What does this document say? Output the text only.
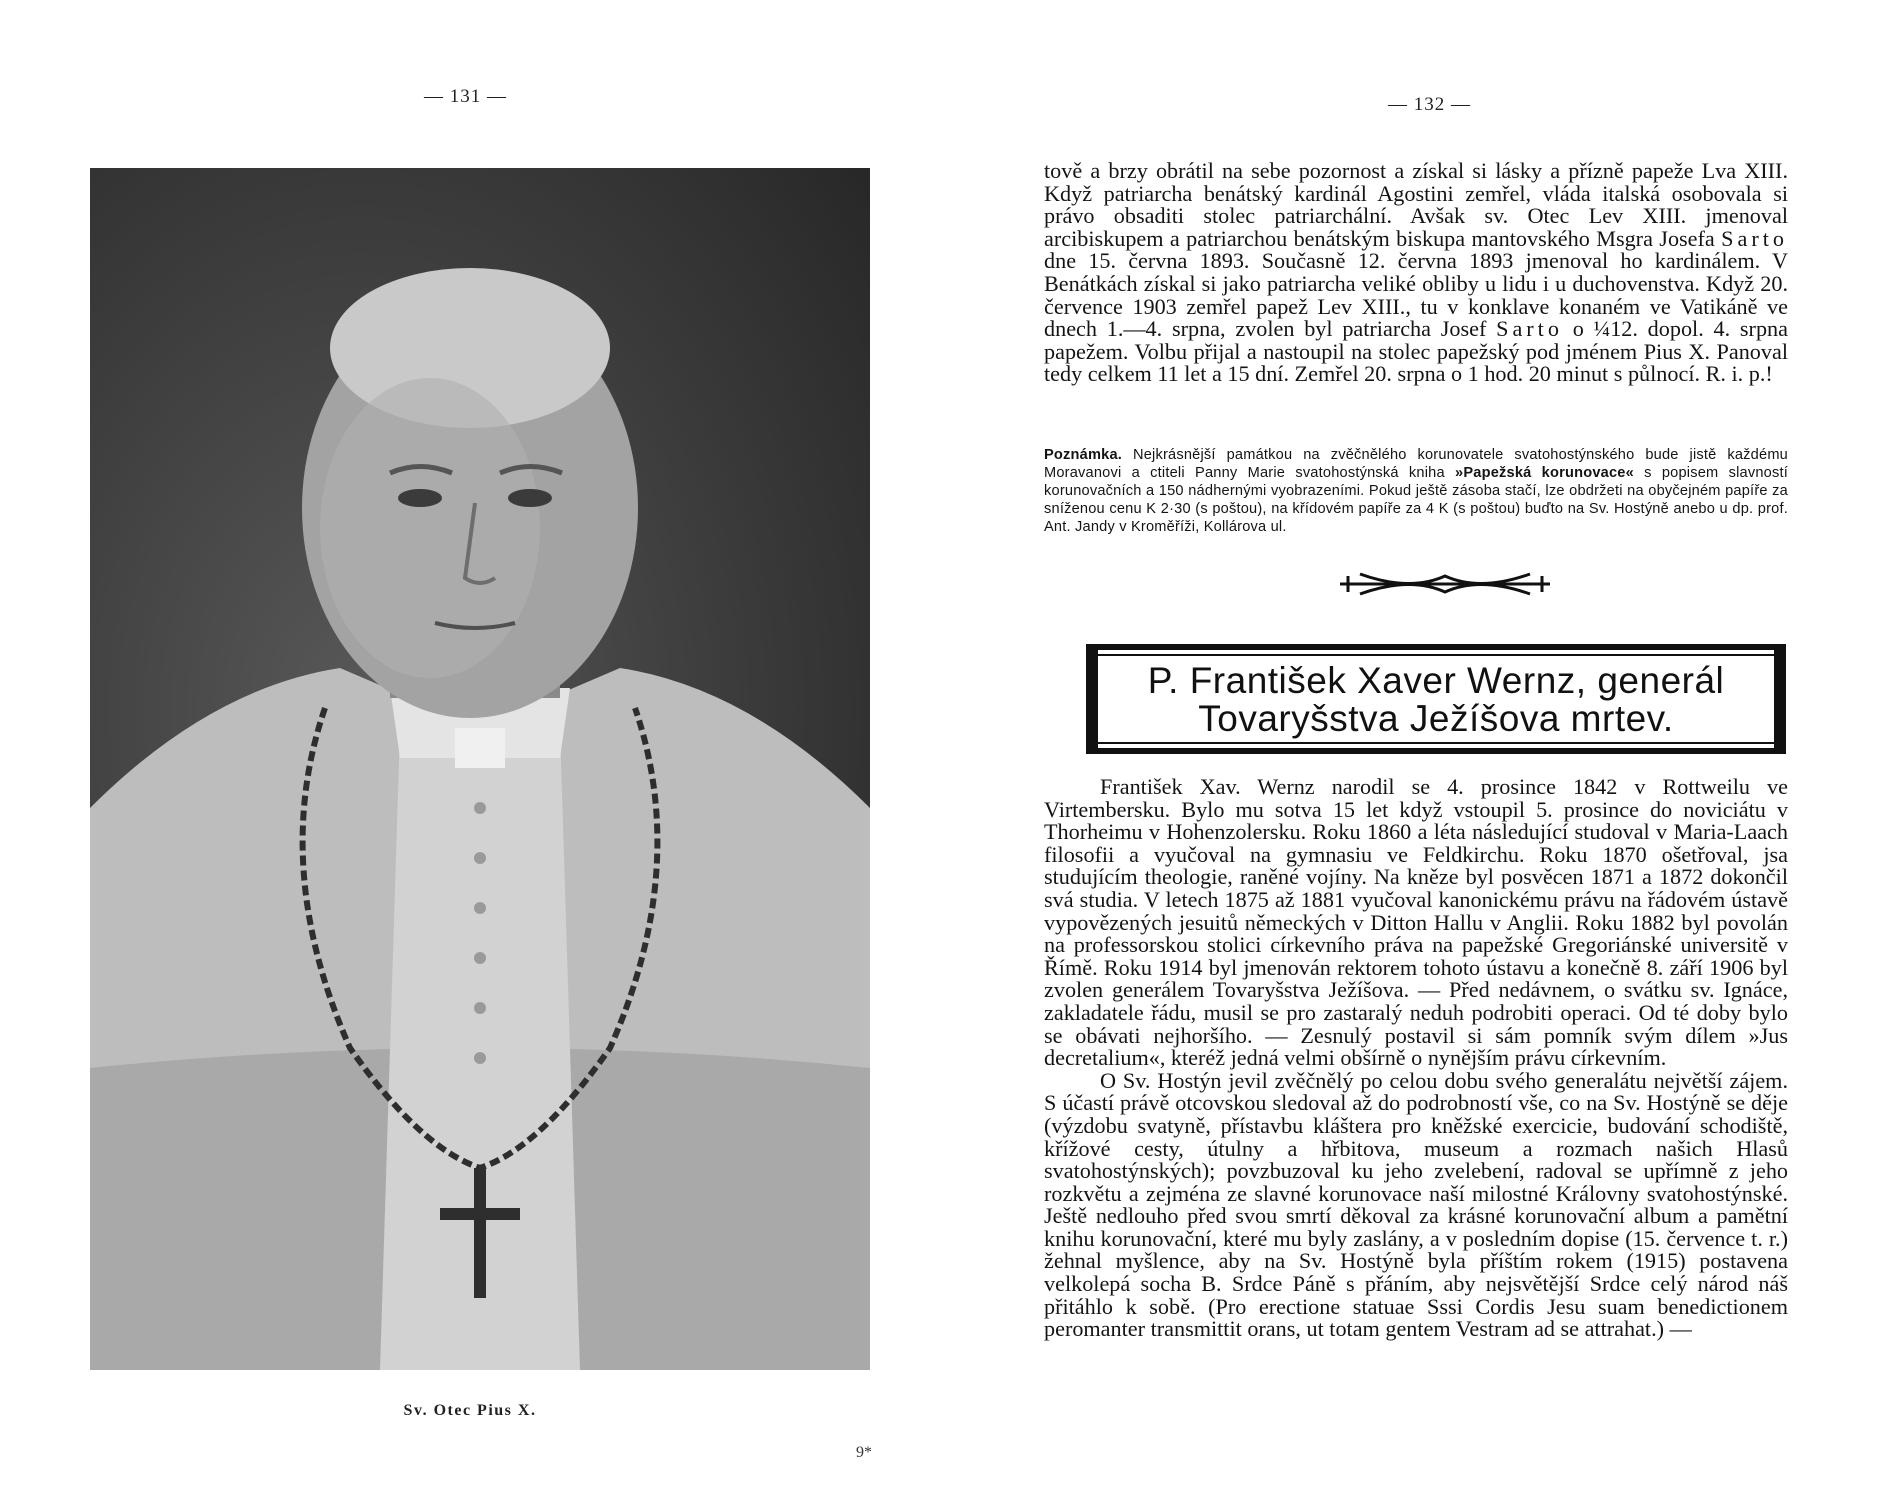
— 131 —
Sv. Otec Pius X.
9*
— 132 —

tově a brzy obrátil na sebe pozornost a získal si lásky a přízně papeže Lva XIII. Když patriarcha benátský kardinál Agostini zemřel, vláda italská osobovala si právo obsaditi stolec patriarchální. Avšak sv. Otec Lev XIII. jmenoval arcibiskupem a patriarchou benátským biskupa mantovského Msgra Josefa Sarto dne 15. června 1893. Současně 12. června 1893 jmenoval ho kardinálem. V Benátkách získal si jako patriarcha veliké obliby u lidu i u duchovenstva. Když 20. července 1903 zemřel papež Lev XIII., tu v konklave konaném ve Vatikáně ve dnech 1.—4. srpna, zvolen byl patriarcha Josef Sarto o ¼12. dopol. 4. srpna papežem. Volbu přijal a nastoupil na stolec papežský pod jménem Pius X. Panoval tedy celkem 11 let a 15 dní. Zemřel 20. srpna o 1 hod. 20 minut s půlnocí. R. i. p.!

Poznámka. Nejkrásnější památkou na zvěčnělého korunovatele svatohostýnského bude jistě každému Moravanovi a ctiteli Panny Marie svatohostýnská kniha »Papežská korunovace« s popisem slavností korunovačních a 150 nádhernými vyobrazeními. Pokud ještě zásoba stačí, lze obdržeti na obyčejném papíře za sníženou cenu K 2·30 (s poštou), na křídovém papíře za 4 K (s poštou) buďto na Sv. Hostýně anebo u dp. prof. Ant. Jandy v Kroměříži, Kollárova ul.
P. František Xaver Wernz, generál
Tovaryšstva Ježíšova mrtev.

František Xav. Wernz narodil se 4. prosince 1842 v Rottweilu ve Virtembersku. Bylo mu sotva 15 let když vstoupil 5. prosince do noviciátu v Thorheimu v Hohenzolersku. Roku 1860 a léta následující studoval v Maria-Laach filosofii a vyučoval na gymnasiu ve Feldkirchu. Roku 1870 ošetřoval, jsa studujícím theologie, raněné vojíny. Na kněze byl posvěcen 1871 a 1872 dokončil svá studia. V letech 1875 až 1881 vyučoval kanonickému právu na řádovém ústavě vypovězených jesuitů německých v Ditton Hallu v Anglii. Roku 1882 byl povolán na professorskou stolici církevního práva na papežské Gregoriánské universitě v Římě. Roku 1914 byl jmenován rektorem tohoto ústavu a konečně 8. září 1906 byl zvolen generálem Tovaryšstva Ježíšova. — Před nedávnem, o svátku sv. Ignáce, zakladatele řádu, musil se pro zastaralý neduh podrobiti operaci. Od té doby bylo se obávati nejhoršího. — Zesnulý postavil si sám pomník svým dílem »Jus decretalium«, kteréž jedná velmi obšírně o nynějším právu církevním.

O Sv. Hostýn jevil zvěčnělý po celou dobu svého generalátu největší zájem. S účastí právě otcovskou sledoval až do podrobností vše, co na Sv. Hostýně se děje (výzdobu svatyně, přístavbu kláštera pro kněžské exercicie, budování schodiště, křížové cesty, útulny a hřbitova, museum a rozmach našich Hlasů svatohostýnských); povzbuzoval ku jeho zvelebení, radoval se upřímně z jeho rozkvětu a zejména ze slavné korunovace naší milostné Královny svatohostýnské. Ještě nedlouho před svou smrtí děkoval za krásné korunovační album a pamětní knihu korunovační, které mu byly zaslány, a v posledním dopise (15. července t. r.) žehnal myšlence, aby na Sv. Hostýně byla příštím rokem (1915) postavena velkolepá socha B. Srdce Páně s přáním, aby nejsvětější Srdce celý národ náš přitáhlo k sobě. (Pro erectione statuae Sssi Cordis Jesu suam benedictionem peromanter transmittit orans, ut totam gentem Vestram ad se attrahat.) —
